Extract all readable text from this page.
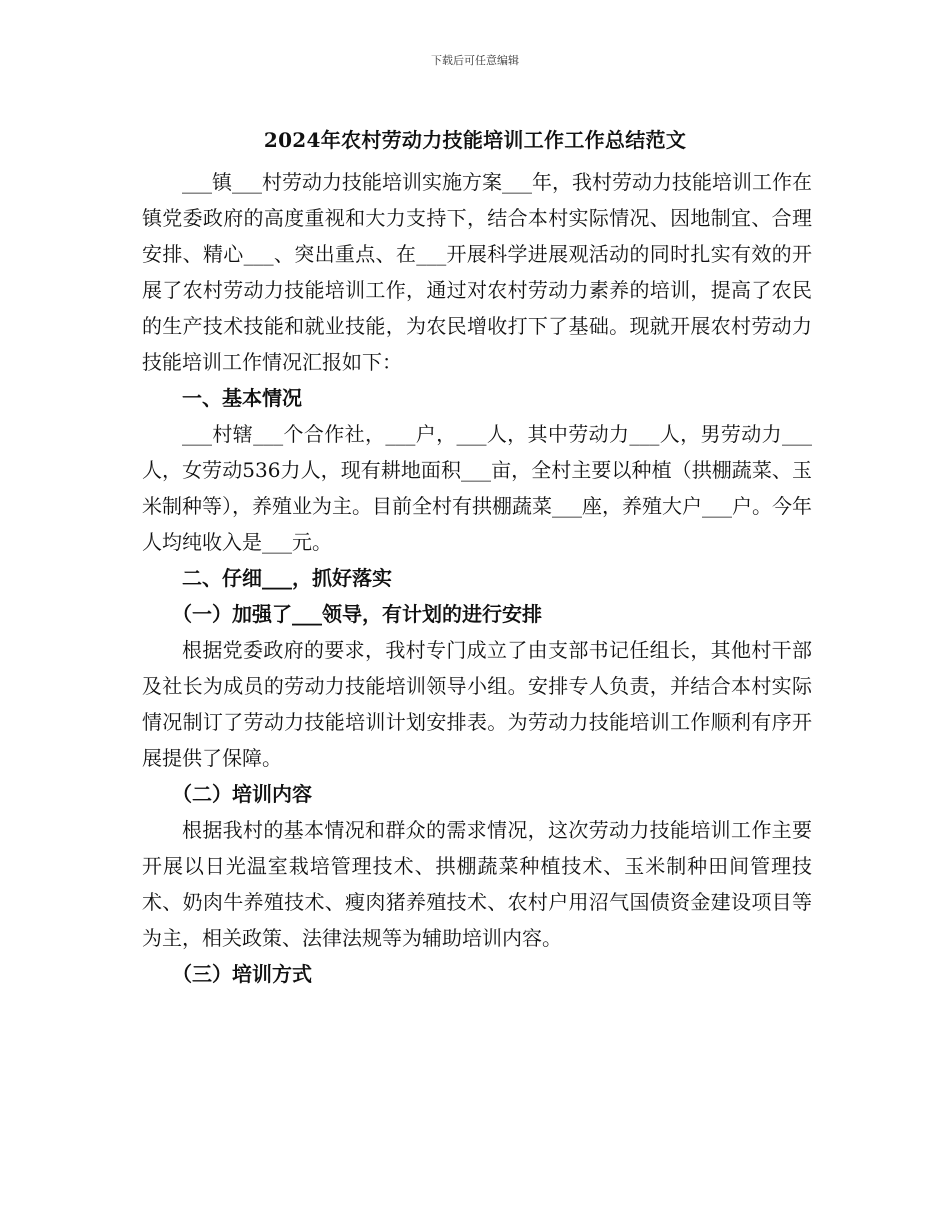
下载后可任意编辑
2024年农村劳动力技能培训工作工作总结范文

___镇___村劳动力技能培训实施方案___年，我村劳动力技能培训工作在镇党委政府的高度重视和大力支持下，结合本村实际情况、因地制宜、合理安排、精心___、突出重点、在___开展科学进展观活动的同时扎实有效的开展了农村劳动力技能培训工作，通过对农村劳动力素养的培训，提高了农民的生产技术技能和就业技能，为农民增收打下了基础。现就开展农村劳动力技能培训工作情况汇报如下：

一、基本情况

___村辖___个合作社，___户，___人，其中劳动力___人，男劳动力___人，女劳动536力人，现有耕地面积___亩，全村主要以种植（拱棚蔬菜、玉米制种等），养殖业为主。目前全村有拱棚蔬菜___座，养殖大户___户。今年人均纯收入是___元。

二、仔细___，抓好落实

（一）加强了___领导，有计划的进行安排

根据党委政府的要求，我村专门成立了由支部书记任组长，其他村干部及社长为成员的劳动力技能培训领导小组。安排专人负责，并结合本村实际情况制订了劳动力技能培训计划安排表。为劳动力技能培训工作顺利有序开展提供了保障。

（二）培训内容

根据我村的基本情况和群众的需求情况，这次劳动力技能培训工作主要开展以日光温室栽培管理技术、拱棚蔬菜种植技术、玉米制种田间管理技术、奶肉牛养殖技术、瘦肉猪养殖技术、农村户用沼气国债资金建设项目等为主，相关政策、法律法规等为辅助培训内容。

（三）培训方式
